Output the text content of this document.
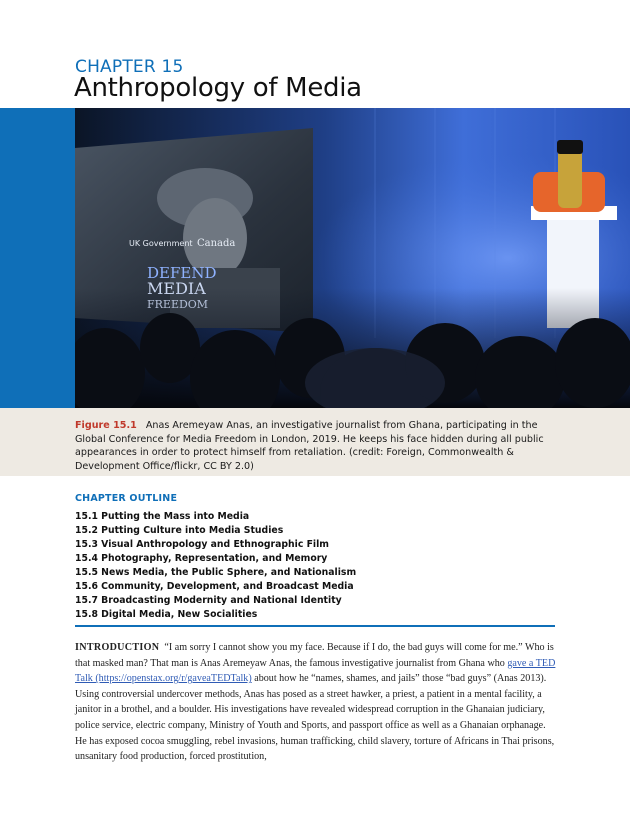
CHAPTER 15
Anthropology of Media
UK Government Canada
DEFEND
Figure 15.1 Anas Aremeyaw Anas, an investigative journalist from Ghana, participating in the Global Conference for Media Freedom in London, 2019. He keeps his face hidden during all public appearances in order to protect himself from retaliation. (credit: Foreign, Commonwealth & Development Office/flickr, CC BY 2.0)
CHAPTER OUTLINE
15.1 Putting the Mass into Media
15.2 Putting Culture into Media Studies
15.3 Visual Anthropology and Ethnographic Film
15.4 Photography, Representation, and Memory
15.5 News Media, the Public Sphere, and Nationalism
15.6 Community, Development, and Broadcast Media
15.7 Broadcasting Modernity and National Identity
15.8 Digital Media, New Socialities

INTRODUCTION “I am sorry I cannot show you my face. Because if I do, the bad guys will come for me.” Who is that masked man? That man is Anas Aremeyaw Anas, the famous investigative journalist from Ghana who gave a TED Talk (https://openstax.org/r/gaveaTEDTalk) about how he “names, shames, and jails” those “bad guys” (Anas 2013). Using controversial undercover methods, Anas has posed as a street hawker, a priest, a patient in a mental facility, a janitor in a brothel, and a boulder. His investigations have revealed widespread corruption in the Ghanaian judiciary, police service, electric company, Ministry of Youth and Sports, and passport office as well as a Ghanaian orphanage. He has exposed cocoa smuggling, rebel invasions, human trafficking, child slavery, torture of Africans in Thai prisons, unsanitary food production, forced prostitution,
